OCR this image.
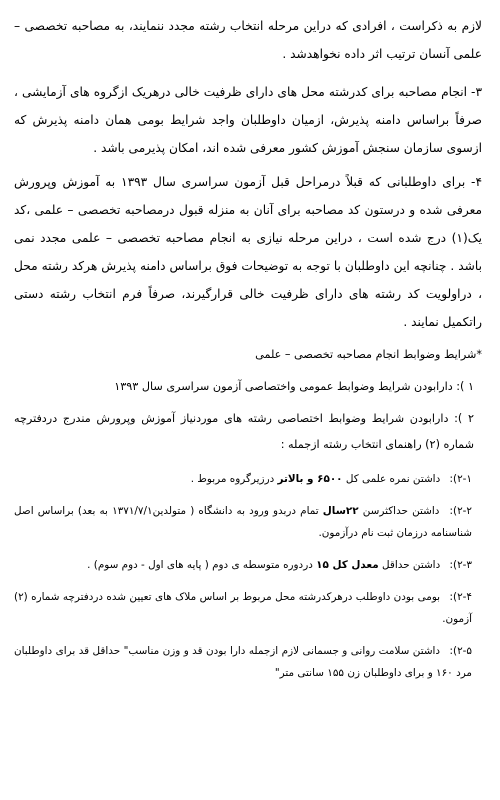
لازم به ذکراست ، افرادی که دراین مرحله انتخاب رشته مجدد ننمایند، به مصاحبه تخصصی – علمی آنسان ترتیب اثر داده نخواهدشد .

۳- انجام مصاحبه برای کدرشته محل های دارای ظرفیت خالی درهریک ازگروه های آزمایشی ، صرفاً براساس دامنه پذیرش، ازمیان داوطلبان واجد شرایط بومی همان دامنه پذیرش که ازسوی سازمان سنجش آموزش کشور معرفی شده اند، امکان پذیرمی باشد .

۴- برای داوطلبانی که قبلاً درمراحل قبل آزمون سراسری سال ۱۳۹۳ به آموزش وپرورش معرفی شده و درستون کد مصاحبه برای آنان به منزله قبول درمصاحبه تخصصی – علمی ،کد یک(۱) درج شده است ، دراین مرحله نیازی به انجام مصاحبه تخصصی – علمی مجدد نمی باشد . چنانچه این داوطلبان با توجه به توضیحات فوق براساس دامنه پذیرش هرکد رشته محل ، دراولویت کد رشته های دارای ظرفیت خالی قرارگیرند، صرفاً فرم انتخاب رشته دستی راتکمیل نمایند .

*شرایط وضوابط انجام مصاحبه تخصصی – علمی

۱ ): دارابودن شرایط وضوابط عمومی واختصاصی آزمون سراسری سال ۱۳۹۳

۲ ): دارابودن شرایط وضوابط اختصاصی رشته های موردنیاز آموزش وپرورش مندرج دردفترچه شماره (۲) راهنمای انتخاب رشته ازجمله :

۲-۱): داشتن نمره علمی کل ۶۵۰۰ و بالاتر درزیرگروه مربوط .

۲-۲): داشتن حداکثرسن ۲۲سال تمام دربدو ورود به دانشگاه ( متولدین۱۳۷۱/۷/۱ به بعد) براساس اصل شناسنامه درزمان ثبت نام درآزمون.

۲-۳): داشتن حداقل معدل کل ۱۵ دردوره متوسطه ی دوم ( پایه های اول - دوم سوم) .

۲-۴): بومی بودن داوطلب درهرکدرشته محل مربوط بر اساس ملاک های تعیین شده دردفترچه شماره (۲) آزمون.

۲-۵): داشتن سلامت روانی و جسمانی لازم ازجمله دارا بودن قد و وزن مناسب" حداقل قد برای داوطلبان مرد ۱۶۰ و برای داوطلبان زن ۱۵۵ سانتی متر"
